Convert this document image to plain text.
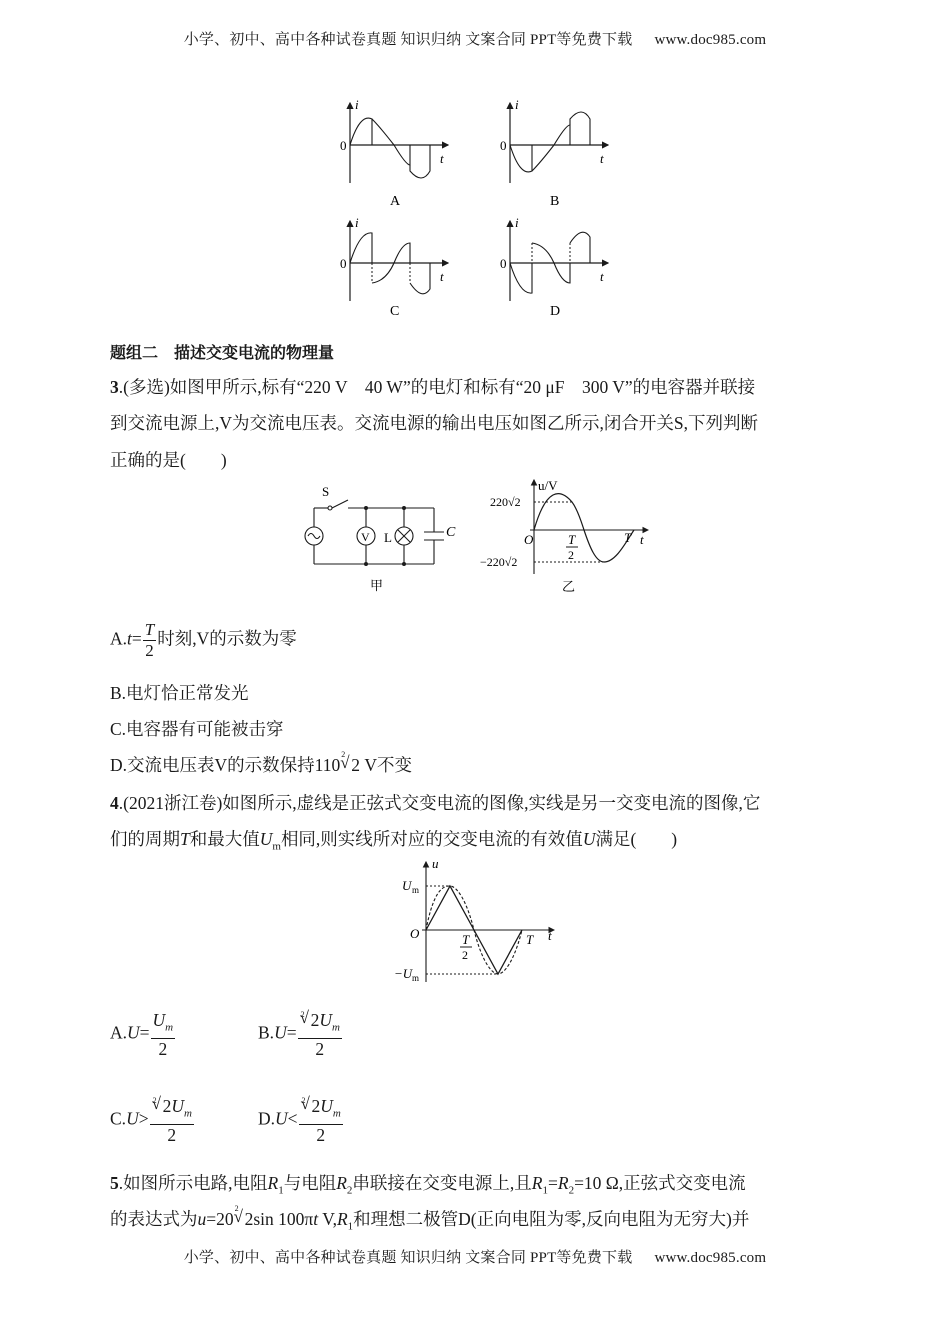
小学、初中、高中各种试卷真题 知识归纳 文案合同 PPT等免费下载 www.doc985.com
i
t
0
A
i
t
0
B
i
t
0
C
i
t
0
D
题组二　描述交变电流的物理量
3.(多选)如图甲所示,标有“220 V　40 W”的电灯和标有“20 μF　300 V”的电容器并联接
到交流电源上,V为交流电压表。交流电源的输出电压如图乙所示,闭合开关S,下列判断
正确的是(　　)
S
V L	C
甲
u/V
220√2
−220√2
O	T
2
T t
乙
$A.t= \frac{T}{2}$ 时刻,V的示数为零
B.电灯恰正常发光
C.电容器有可能被击穿
D.交流电压表V的示数保持110
√ 2
2 V不变
4.(2021浙江卷)如图所示,虚线是正弦式交变电流的图像,实线是另一交变电流的图像,它
们的周期T和最大值$U_m$相同,则实线所对应的交变电流的有效值U满足(　　)
u
U m
−U m
O	T
2
T t
$A.U= \frac{U_m}{2}$	B.U= √ $\frac{2 2U_m}{2}$
C.U> √ $\frac{2 2U_m}{2}$	D.U< √ $\frac{2 2U_m}{2}$
5.如图所示电路,电阻$R_1$与电阻$R_2$串联接在交变电源上,且$R_1=R_2=10$ Ω,正弦式交变电流
的表达式为u=20
√ 2
2sin 100πt $V,R_1$和理想二极管D(正向电阻为零,反向电阻为无穷大)并
小学、初中、高中各种试卷真题 知识归纳 文案合同 PPT等免费下载 www.doc985.com
